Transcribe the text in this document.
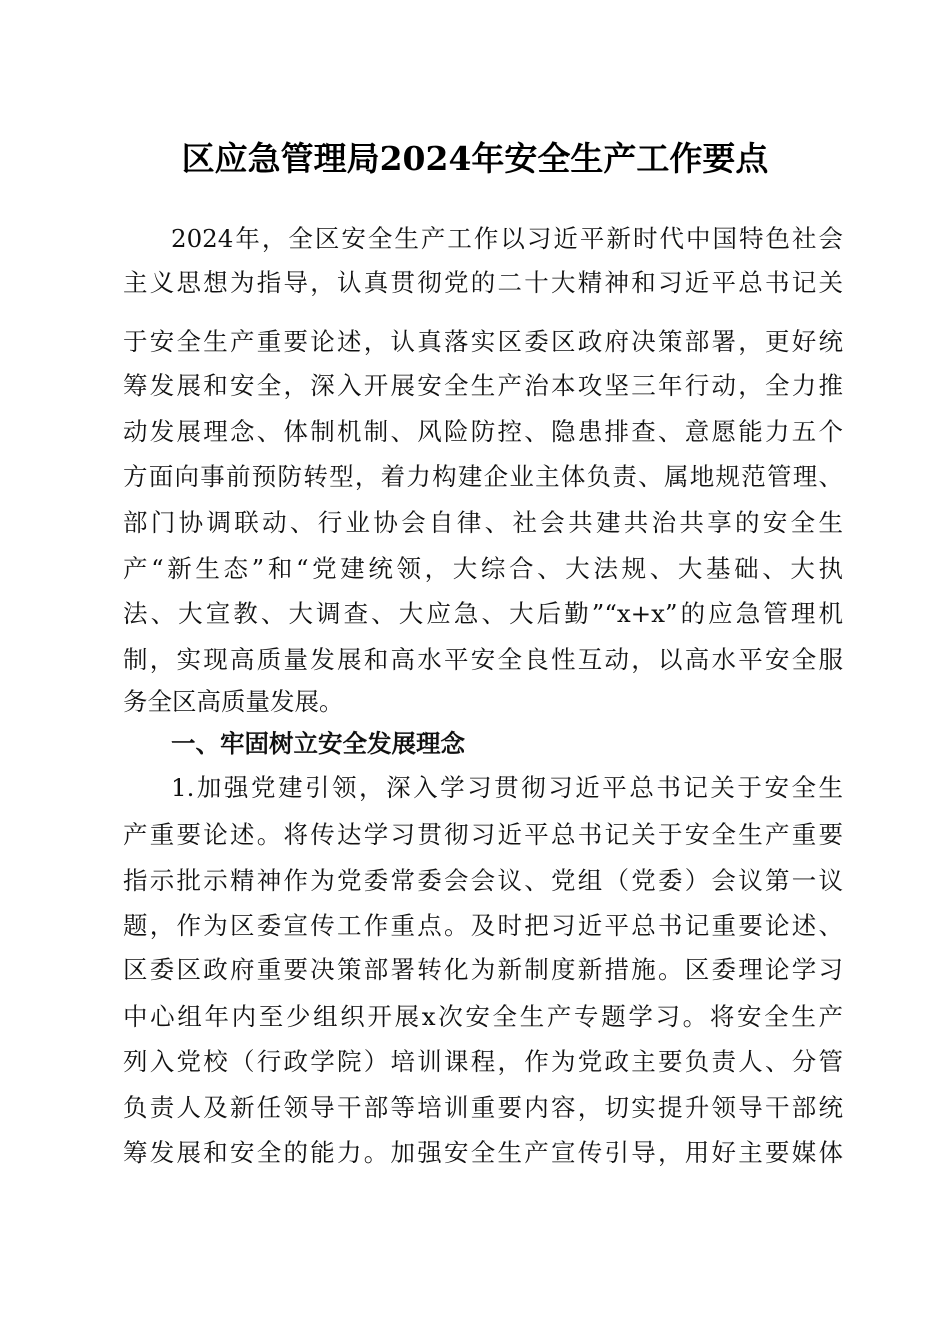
区应急管理局2024年安全生产工作要点
2024年，全区安全生产工作以习近平新时代中国特色社会
主义思想为指导，认真贯彻党的二十大精神和习近平总书记关
于安全生产重要论述，认真落实区委区政府决策部署，更好统
筹发展和安全，深入开展安全生产治本攻坚三年行动，全力推
动发展理念、体制机制、风险防控、隐患排查、意愿能力五个
方面向事前预防转型，着力构建企业主体负责、属地规范管理、
部门协调联动、行业协会自律、社会共建共治共享的安全生
产“新生态”和“党建统领，大综合、大法规、大基础、大执
法、大宣教、大调查、大应急、大后勤”“x+x”的应急管理机
制，实现高质量发展和高水平安全良性互动，以高水平安全服
务全区高质量发展。
一、牢固树立安全发展理念
1.加强党建引领，深入学习贯彻习近平总书记关于安全生
产重要论述。将传达学习贯彻习近平总书记关于安全生产重要
指示批示精神作为党委常委会会议、党组（党委）会议第一议
题，作为区委宣传工作重点。及时把习近平总书记重要论述、
区委区政府重要决策部署转化为新制度新措施。区委理论学习
中心组年内至少组织开展x次安全生产专题学习。将安全生产
列入党校（行政学院）培训课程，作为党政主要负责人、分管
负责人及新任领导干部等培训重要内容，切实提升领导干部统
筹发展和安全的能力。加强安全生产宣传引导，用好主要媒体
